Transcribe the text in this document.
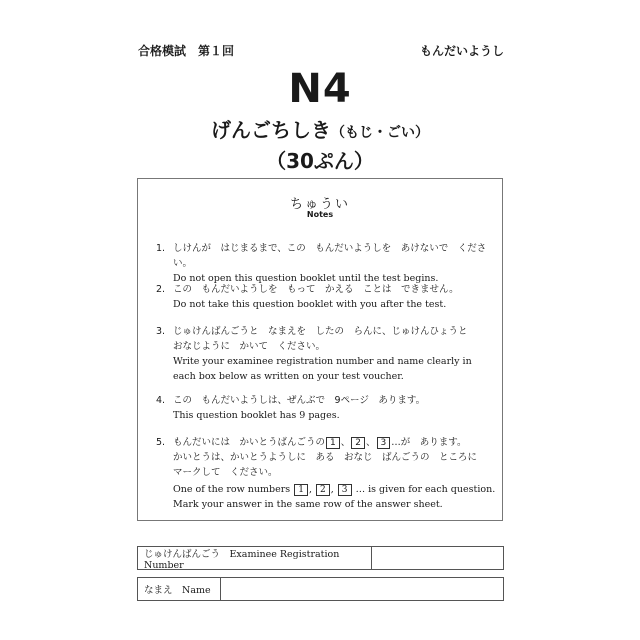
合格模試　第１回	もんだいようし
N4
げんごちしき（もじ・ごい）
（30ぷん）
ちゅうい
Notes
1. しけんが　はじまるまで、この　もんだいようしを　あけないで　ください。
Do not open this question booklet until the test begins.
2. この　もんだいようしを　もって　かえる　ことは　できません。
Do not take this question booklet with you after the test.
3. じゅけんばんごうと　なまえを　したの　らんに、じゅけんひょうと
おなじように　かいて　ください。
Write your examinee registration number and name clearly in each box below as written on your test voucher.
4. この　もんだいようしは、ぜんぶで　9ページ　あります。
This question booklet has 9 pages.
5. もんだいには　かいとうばんごうの 1 、 2 、 3 …が　あります。
かいとうは、かいとうようしに　ある　おなじ　ばんごうの　ところに
マークして　ください。
One of the row numbers 1 , 2 , 3 … is given for each question. Mark your answer in the same row of the answer sheet.
じゅけんばんごう　Examinee Registration Number
なまえ　Name
